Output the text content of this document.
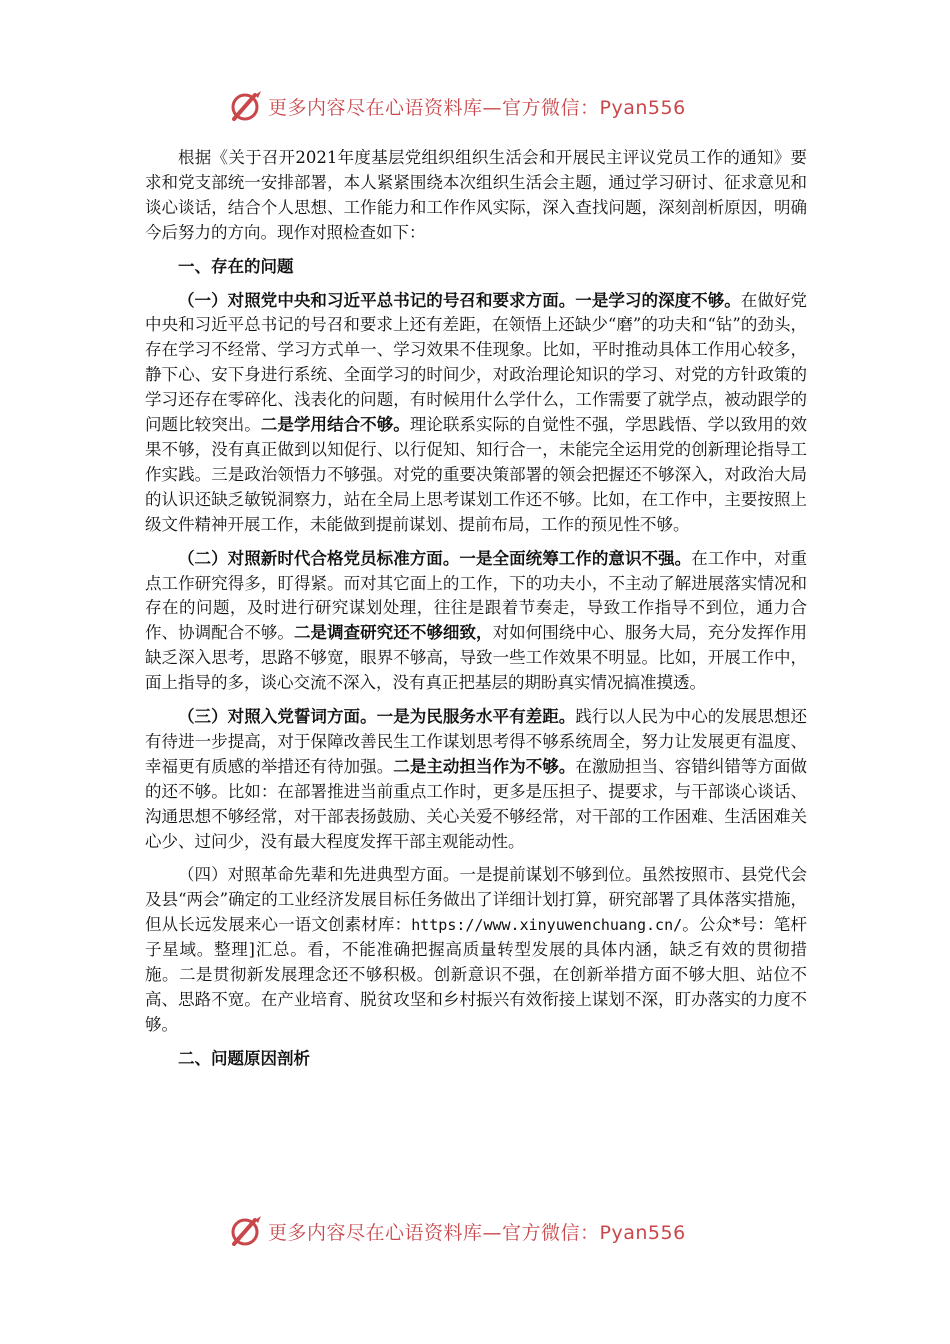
更多内容尽在心语资料库—官方微信：Pyan556

根据《关于召开2021年度基层党组织组织生活会和开展民主评议党员工作的通知》要求和党支部统一安排部署，本人紧紧围绕本次组织生活会主题，通过学习研讨、征求意见和谈心谈话，结合个人思想、工作能力和工作作风实际，深入查找问题，深刻剖析原因，明确今后努力的方向。现作对照检查如下：

一、存在的问题

（一）对照党中央和习近平总书记的号召和要求方面。一是学习的深度不够。在做好党中央和习近平总书记的号召和要求上还有差距，在领悟上还缺少“磨”的功夫和“钻”的劲头，存在学习不经常、学习方式单一、学习效果不佳现象。比如，平时推动具体工作用心较多，静下心、安下身进行系统、全面学习的时间少，对政治理论知识的学习、对党的方针政策的学习还存在零碎化、浅表化的问题，有时候用什么学什么，工作需要了就学点，被动跟学的问题比较突出。二是学用结合不够。理论联系实际的自觉性不强，学思践悟、学以致用的效果不够，没有真正做到以知促行、以行促知、知行合一，未能完全运用党的创新理论指导工作实践。三是政治领悟力不够强。对党的重要决策部署的领会把握还不够深入，对政治大局的认识还缺乏敏锐洞察力，站在全局上思考谋划工作还不够。比如，在工作中，主要按照上级文件精神开展工作，未能做到提前谋划、提前布局，工作的预见性不够。

（二）对照新时代合格党员标准方面。一是全面统筹工作的意识不强。在工作中，对重点工作研究得多，盯得紧。而对其它面上的工作，下的功夫小，不主动了解进展落实情况和存在的问题，及时进行研究谋划处理，往往是跟着节奏走，导致工作指导不到位，通力合作、协调配合不够。二是调查研究还不够细致，对如何围绕中心、服务大局，充分发挥作用缺乏深入思考，思路不够宽，眼界不够高，导致一些工作效果不明显。比如，开展工作中，面上指导的多，谈心交流不深入，没有真正把基层的期盼真实情况搞准摸透。

（三）对照入党誓词方面。一是为民服务水平有差距。践行以人民为中心的发展思想还有待进一步提高，对于保障改善民生工作谋划思考得不够系统周全，努力让发展更有温度、幸福更有质感的举措还有待加强。二是主动担当作为不够。在激励担当、容错纠错等方面做的还不够。比如：在部署推进当前重点工作时，更多是压担子、提要求，与干部谈心谈话、沟通思想不够经常，对干部表扬鼓励、关心关爱不够经常，对干部的工作困难、生活困难关心少、过问少，没有最大程度发挥干部主观能动性。

（四）对照革命先辈和先进典型方面。一是提前谋划不够到位。虽然按照市、县党代会及县“两会”确定的工业经济发展目标任务做出了详细计划打算，研究部署了具体落实措施，但从长远发展来心一语文创素材库：https://www.xinyuwenchuang.cn/。公众*号：笔杆子星域。整理]汇总。看，不能准确把握高质量转型发展的具体内涵，缺乏有效的贯彻措施。二是贯彻新发展理念还不够积极。创新意识不强，在创新举措方面不够大胆、站位不高、思路不宽。在产业培育、脱贫攻坚和乡村振兴有效衔接上谋划不深，盯办落实的力度不够。

二、问题原因剖析

更多内容尽在心语资料库—官方微信：Pyan556
